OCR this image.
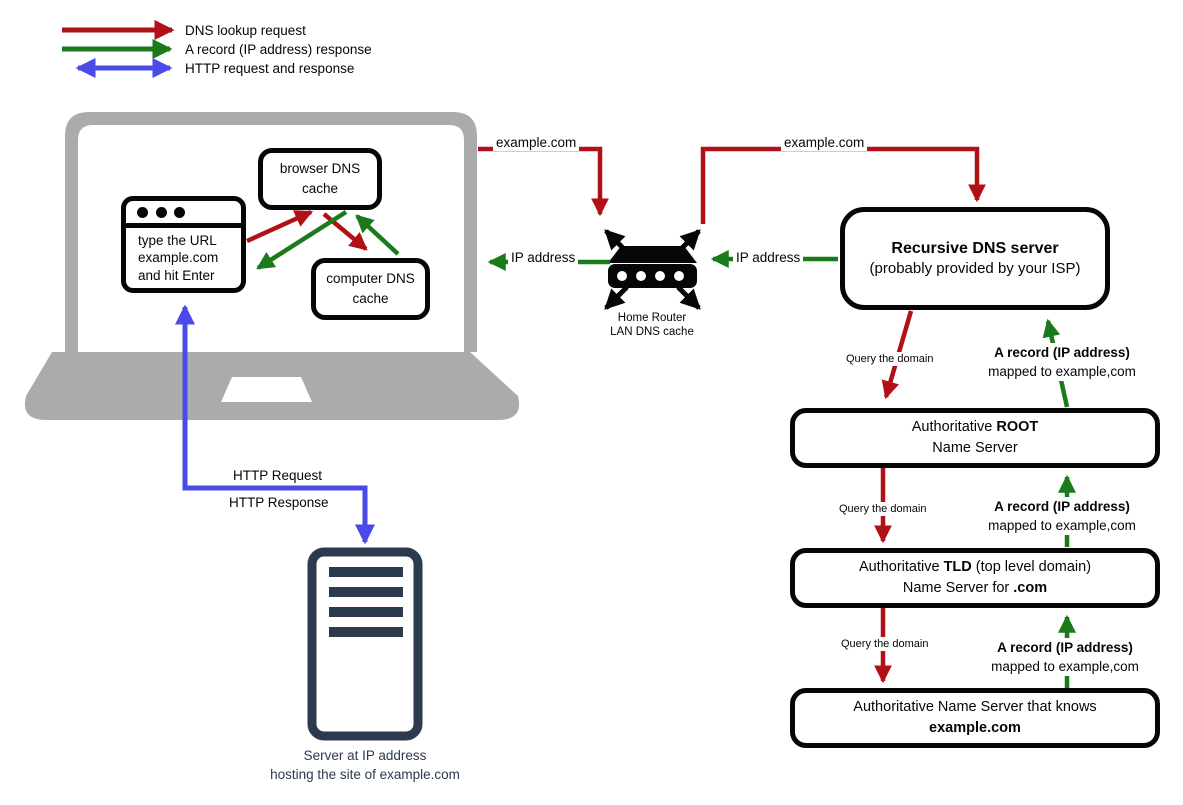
DNS lookup request
A record (IP address) response
HTTP request and response
browser DNS cache
type the URL
example.com
and hit Enter	computer DNS cache
Home Router
LAN DNS cache
Recursive DNS server
(probably provided by your ISP)
Authoritative ROOT
Name Server
Authoritative TLD (top level domain)
Name Server for .com
Authoritative Name Server that knows
example.com
example.com	example.com
IP address	IP address
Query the domain
Query the domain
Query the domain
A record (IP address)
mapped to example,com
A record (IP address)
mapped to example,com
A record (IP address)
mapped to example,com
HTTP Request
HTTP Response
Server at IP address
hosting the site of example.com
